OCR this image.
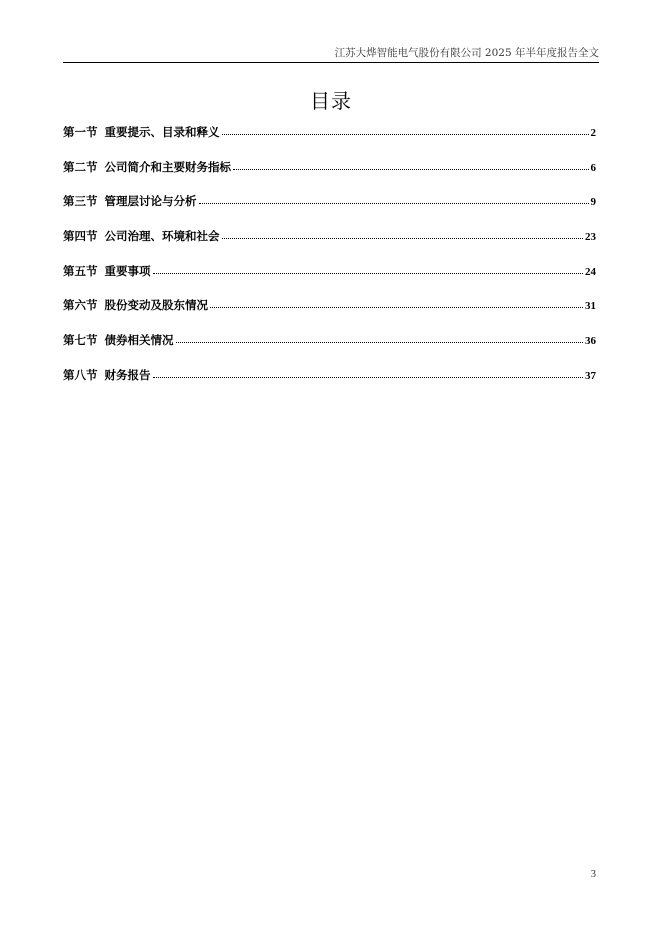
江苏大烨智能电气股份有限公司 2025 年半年度报告全文
目录
第一节 重要提示、目录和释义	2
第二节 公司简介和主要财务指标	6
第三节 管理层讨论与分析	9
第四节 公司治理、环境和社会	23
第五节 重要事项	24
第六节 股份变动及股东情况	31
第七节 债券相关情况	36
第八节 财务报告	37
3
